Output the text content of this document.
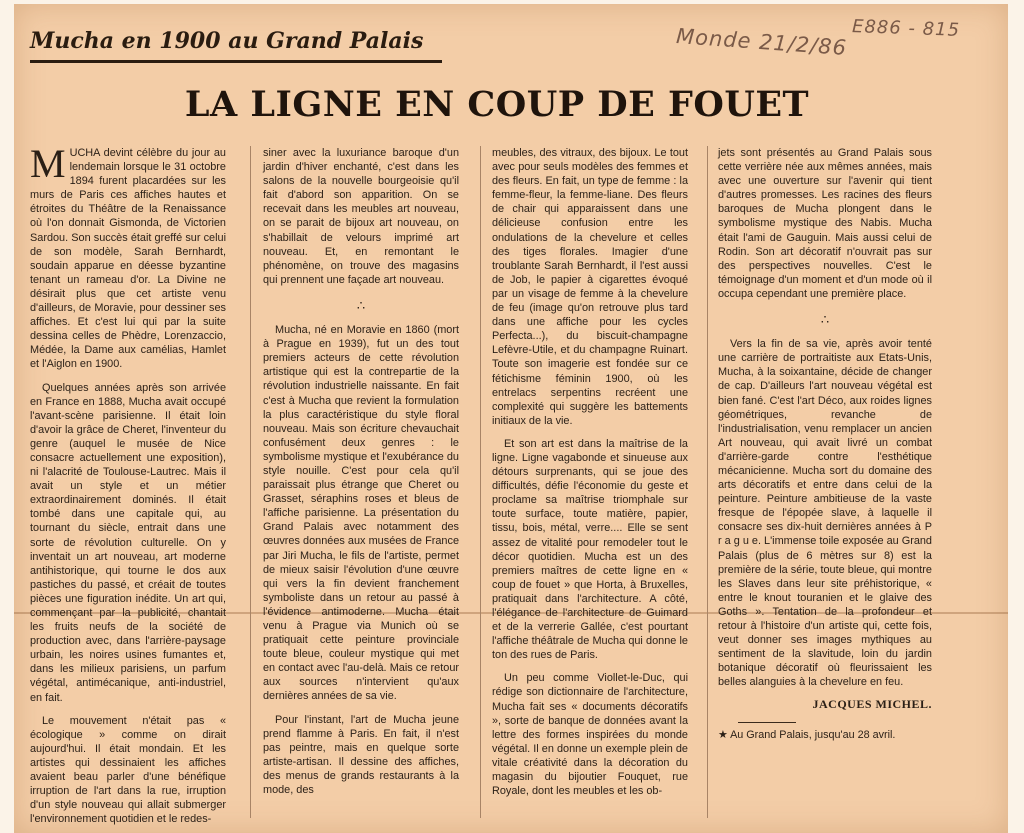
Mucha en 1900 au Grand Palais	Monde 21/2/86 E886 - 815
LA LIGNE EN COUP DE FOUET

MUCHA devint célèbre du jour au lendemain lorsque le 31 octobre 1894 furent placardées sur les murs de Paris ces affiches hautes et étroites du Théâtre de la Renaissance où l'on donnait Gismonda, de Victorien Sardou. Son succès était greffé sur celui de son modèle, Sarah Bernhardt, soudain apparue en déesse byzantine tenant un rameau d'or. La Divine ne désirait plus que cet artiste venu d'ailleurs, de Moravie, pour dessiner ses affiches. Et c'est lui qui par la suite dessina celles de Phèdre, Lorenzaccio, Médée, la Dame aux camélias, Hamlet et l'Aiglon en 1900.

Quelques années après son arrivée en France en 1888, Mucha avait occupé l'avant-scène parisienne. Il était loin d'avoir la grâce de Cheret, l'inventeur du genre (auquel le musée de Nice consacre actuellement une exposition), ni l'alacrité de Toulouse-Lautrec. Mais il avait un style et un métier extraordinairement dominés. Il était tombé dans une capitale qui, au tournant du siècle, entrait dans une sorte de révolution culturelle. On y inventait un art nouveau, art moderne antihistorique, qui tourne le dos aux pastiches du passé, et créait de toutes pièces une figuration inédite. Un art qui, commençant par la publicité, chantait les fruits neufs de la société de production avec, dans l'arrière-paysage urbain, les noires usines fumantes et, dans les milieux parisiens, un parfum végétal, antimécanique, anti-industriel, en fait.

Le mouvement n'était pas « écologique » comme on dirait aujourd'hui. Il était mondain. Et les artistes qui dessinaient les affiches avaient beau parler d'une bénéfique irruption de l'art dans la rue, irruption d'un style nouveau qui allait submerger l'environnement quotidien et le redes-

siner avec la luxuriance baroque d'un jardin d'hiver enchanté, c'est dans les salons de la nouvelle bourgeoisie qu'il fait d'abord son apparition. On se recevait dans les meubles art nouveau, on se parait de bijoux art nouveau, on s'habillait de velours imprimé art nouveau. Et, en remontant le phénomène, on trouve des magasins qui prennent une façade art nouveau.

∴

Mucha, né en Moravie en 1860 (mort à Prague en 1939), fut un des tout premiers acteurs de cette révolution artistique qui est la contrepartie de la révolution industrielle naissante. En fait c'est à Mucha que revient la formulation la plus caractéristique du style floral nouveau. Mais son écriture chevauchait confusément deux genres : le symbolisme mystique et l'exubérance du style nouille. C'est pour cela qu'il paraissait plus étrange que Cheret ou Grasset, séraphins roses et bleus de l'affiche parisienne. La présentation du Grand Palais avec notamment des œuvres données aux musées de France par Jiri Mucha, le fils de l'artiste, permet de mieux saisir l'évolution d'une œuvre qui vers la fin devient franchement symboliste dans un retour au passé à l'évidence antimoderne. Mucha était venu à Prague via Munich où se pratiquait cette peinture provinciale toute bleue, couleur mystique qui met en contact avec l'au-delà. Mais ce retour aux sources n'intervient qu'aux dernières années de sa vie.

Pour l'instant, l'art de Mucha jeune prend flamme à Paris. En fait, il n'est pas peintre, mais en quelque sorte artiste-artisan. Il dessine des affiches, des menus de grands restaurants à la mode, des

meubles, des vitraux, des bijoux. Le tout avec pour seuls modèles des femmes et des fleurs. En fait, un type de femme : la femme-fleur, la femme-liane. Des fleurs de chair qui apparaissent dans une délicieuse confusion entre les ondulations de la chevelure et celles des tiges florales. Imagier d'une troublante Sarah Bernhardt, il l'est aussi de Job, le papier à cigarettes évoqué par un visage de femme à la chevelure de feu (image qu'on retrouve plus tard dans une affiche pour les cycles Perfecta...), du biscuit-champagne Lefèvre-Utile, et du champagne Ruinart. Toute son imagerie est fondée sur ce fétichisme féminin 1900, où les entrelacs serpentins recréent une complexité qui suggère les battements initiaux de la vie.

Et son art est dans la maîtrise de la ligne. Ligne vagabonde et sinueuse aux détours surprenants, qui se joue des difficultés, défie l'économie du geste et proclame sa maîtrise triomphale sur toute surface, toute matière, papier, tissu, bois, métal, verre.... Elle se sent assez de vitalité pour remodeler tout le décor quotidien. Mucha est un des premiers maîtres de cette ligne en « coup de fouet » que Horta, à Bruxelles, pratiquait dans l'architecture. A côté, l'élégance de l'architecture de Guimard et de la verrerie Gallée, c'est pourtant l'affiche théâtrale de Mucha qui donne le ton des rues de Paris.

Un peu comme Viollet-le-Duc, qui rédige son dictionnaire de l'architecture, Mucha fait ses « documents décoratifs », sorte de banque de données avant la lettre des formes inspirées du monde végétal. Il en donne un exemple plein de vitale créativité dans la décoration du magasin du bijoutier Fouquet, rue Royale, dont les meubles et les ob-

jets sont présentés au Grand Palais sous cette verrière née aux mêmes années, mais avec une ouverture sur l'avenir qui tient d'autres promesses. Les racines des fleurs baroques de Mucha plongent dans le symbolisme mystique des Nabis. Mucha était l'ami de Gauguin. Mais aussi celui de Rodin. Son art décoratif n'ouvrait pas sur des perspectives nouvelles. C'est le témoignage d'un moment et d'un mode où il occupa cependant une première place.

∴

Vers la fin de sa vie, après avoir tenté une carrière de portraitiste aux Etats-Unis, Mucha, à la soixantaine, décide de changer de cap. D'ailleurs l'art nouveau végétal est bien fané. C'est l'art Déco, aux roides lignes géométriques, revanche de l'industrialisation, venu remplacer un ancien Art nouveau, qui avait livré un combat d'arrière-garde contre l'esthétique mécanicienne. Mucha sort du domaine des arts décoratifs et entre dans celui de la peinture. Peinture ambitieuse de la vaste fresque de l'épopée slave, à laquelle il consacre ses dix-huit dernières années à P r a g u e. L'immense toile exposée au Grand Palais (plus de 6 mètres sur 8) est la première de la série, toute bleue, qui montre les Slaves dans leur site préhistorique, « entre le knout touranien et le glaive des Goths ». Tentation de la profondeur et retour à l'histoire d'un artiste qui, cette fois, veut donner ses images mythiques au sentiment de la slavitude, loin du jardin botanique décoratif où fleurissaient les belles alanguies à la chevelure en feu.

JACQUES MICHEL.

★ Au Grand Palais, jusqu'au 28 avril.
